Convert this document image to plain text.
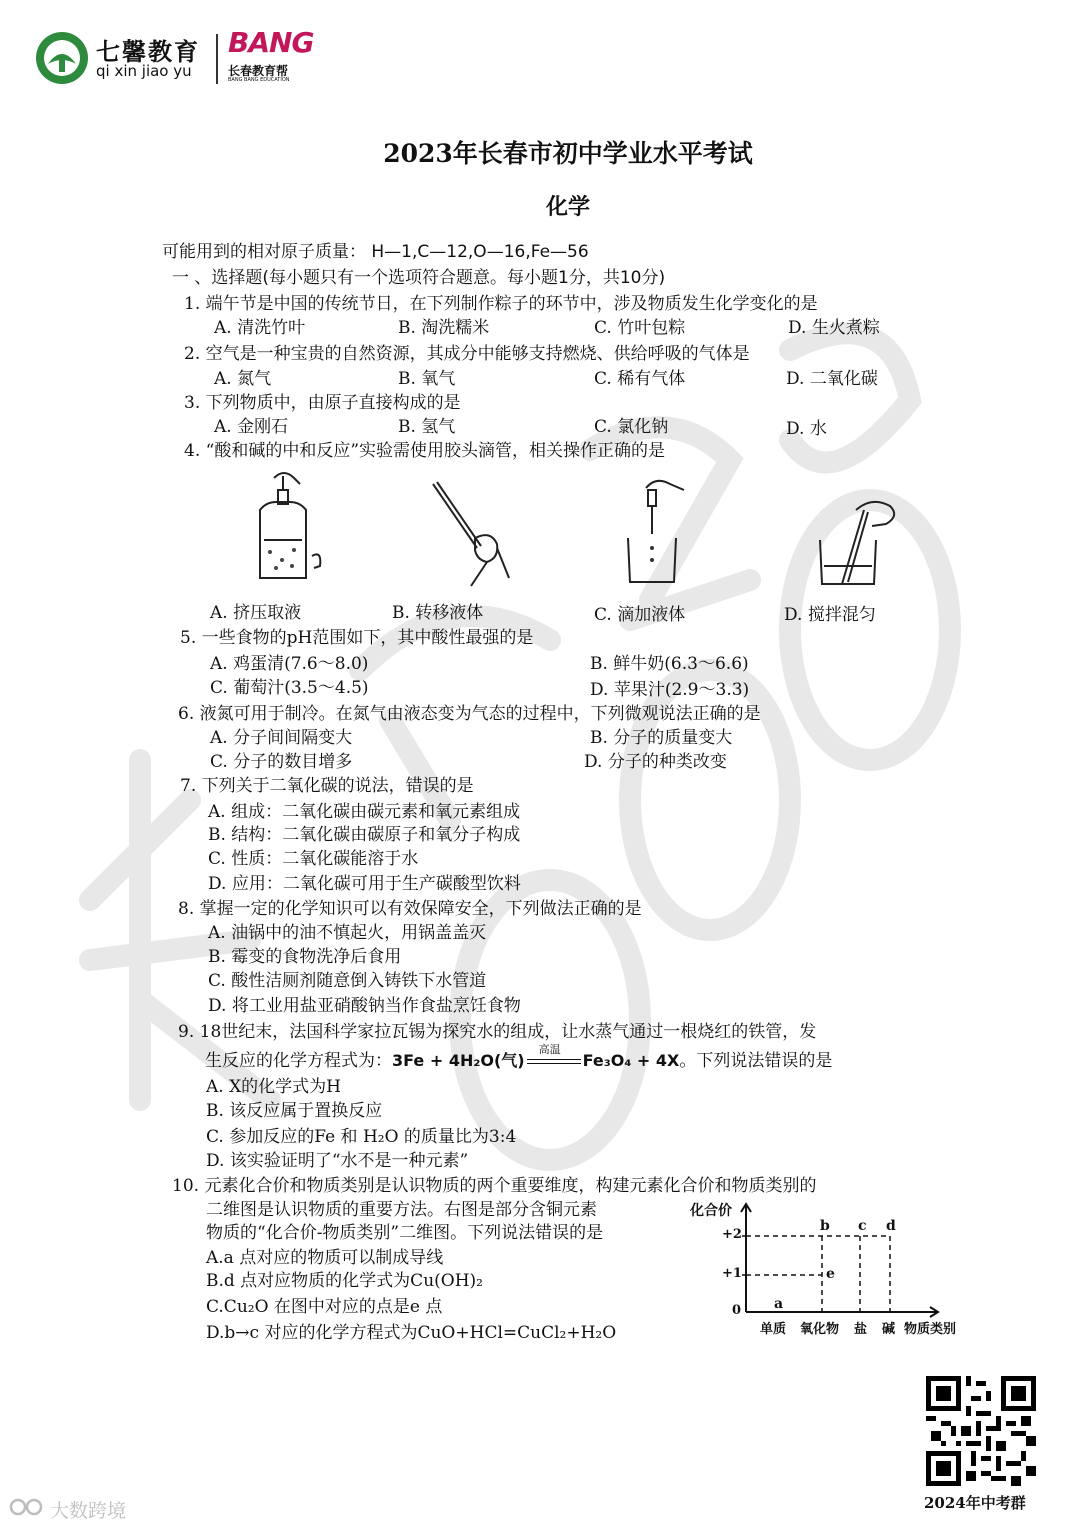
七馨教育
qi xin jiao yu
BANG
长春教育帮
BANG BANG EDUCATION
2023年长春市初中学业水平考试
化学
可能用到的相对原子质量： H—1,C—12,O—16,Fe—56
一 、选择题(每小题只有一个选项符合题意。每小题1分，共10分)
1. 端午节是中国的传统节日，在下列制作粽子的环节中，涉及物质发生化学变化的是
A. 清洗竹叶	B. 淘洗糯米	C. 竹叶包粽	D. 生火煮粽
2. 空气是一种宝贵的自然资源，其成分中能够支持燃烧、供给呼吸的气体是
A. 氮气	B. 氧气	C. 稀有气体	D. 二氧化碳
3. 下列物质中，由原子直接构成的是
A. 金刚石	B. 氢气	C. 氯化钠	D. 水
4. “酸和碱的中和反应”实验需使用胶头滴管，相关操作正确的是
A. 挤压取液	B. 转移液体	C. 滴加液体	D. 搅拌混匀
5. 一些食物的pH范围如下，其中酸性最强的是
A. 鸡蛋清(7.6～8.0)	B. 鲜牛奶(6.3～6.6)
C. 葡萄汁(3.5～4.5)	D. 苹果汁(2.9～3.3)
6. 液氮可用于制冷。在氮气由液态变为气态的过程中，下列微观说法正确的是
A. 分子间间隔变大	B. 分子的质量变大
C. 分子的数目增多	D. 分子的种类改变
7. 下列关于二氧化碳的说法，错误的是
A. 组成：二氧化碳由碳元素和氧元素组成
B. 结构：二氧化碳由碳原子和氧分子构成
C. 性质：二氧化碳能溶于水
D. 应用：二氧化碳可用于生产碳酸型饮料
8. 掌握一定的化学知识可以有效保障安全，下列做法正确的是
A. 油锅中的油不慎起火，用锅盖盖灭
B. 霉变的食物洗净后食用
C. 酸性洁厕剂随意倒入铸铁下水管道
D. 将工业用盐亚硝酸钠当作食盐烹饪食物
9. 18世纪末，法国科学家拉瓦锡为探究水的组成，让水蒸气通过一根烧红的铁管，发
生反应的化学方程式为：3Fe + 4H₂O(气)
高温
Fe₃O₄ + 4X。下列说法错误的是
A. X的化学式为H
B. 该反应属于置换反应
C. 参加反应的Fe 和 H₂O 的质量比为3:4
D. 该实验证明了“水不是一种元素”
10. 元素化合价和物质类别是认识物质的两个重要维度，构建元素化合价和物质类别的
二维图是认识物质的重要方法。右图是部分含铜元素
物质的“化合价-物质类别”二维图。下列说法错误的是
A.a 点对应的物质可以制成导线
B.d 点对应物质的化学式为Cu(OH)₂
C.Cu₂O 在图中对应的点是e 点
D.b→c 对应的化学方程式为CuO+HCl=CuCl₂+H₂O
化合价
+2
+1
0 a
b c d
e
单质 氧化物 盐 碱 物质类别
2024年中考群
大数跨境
